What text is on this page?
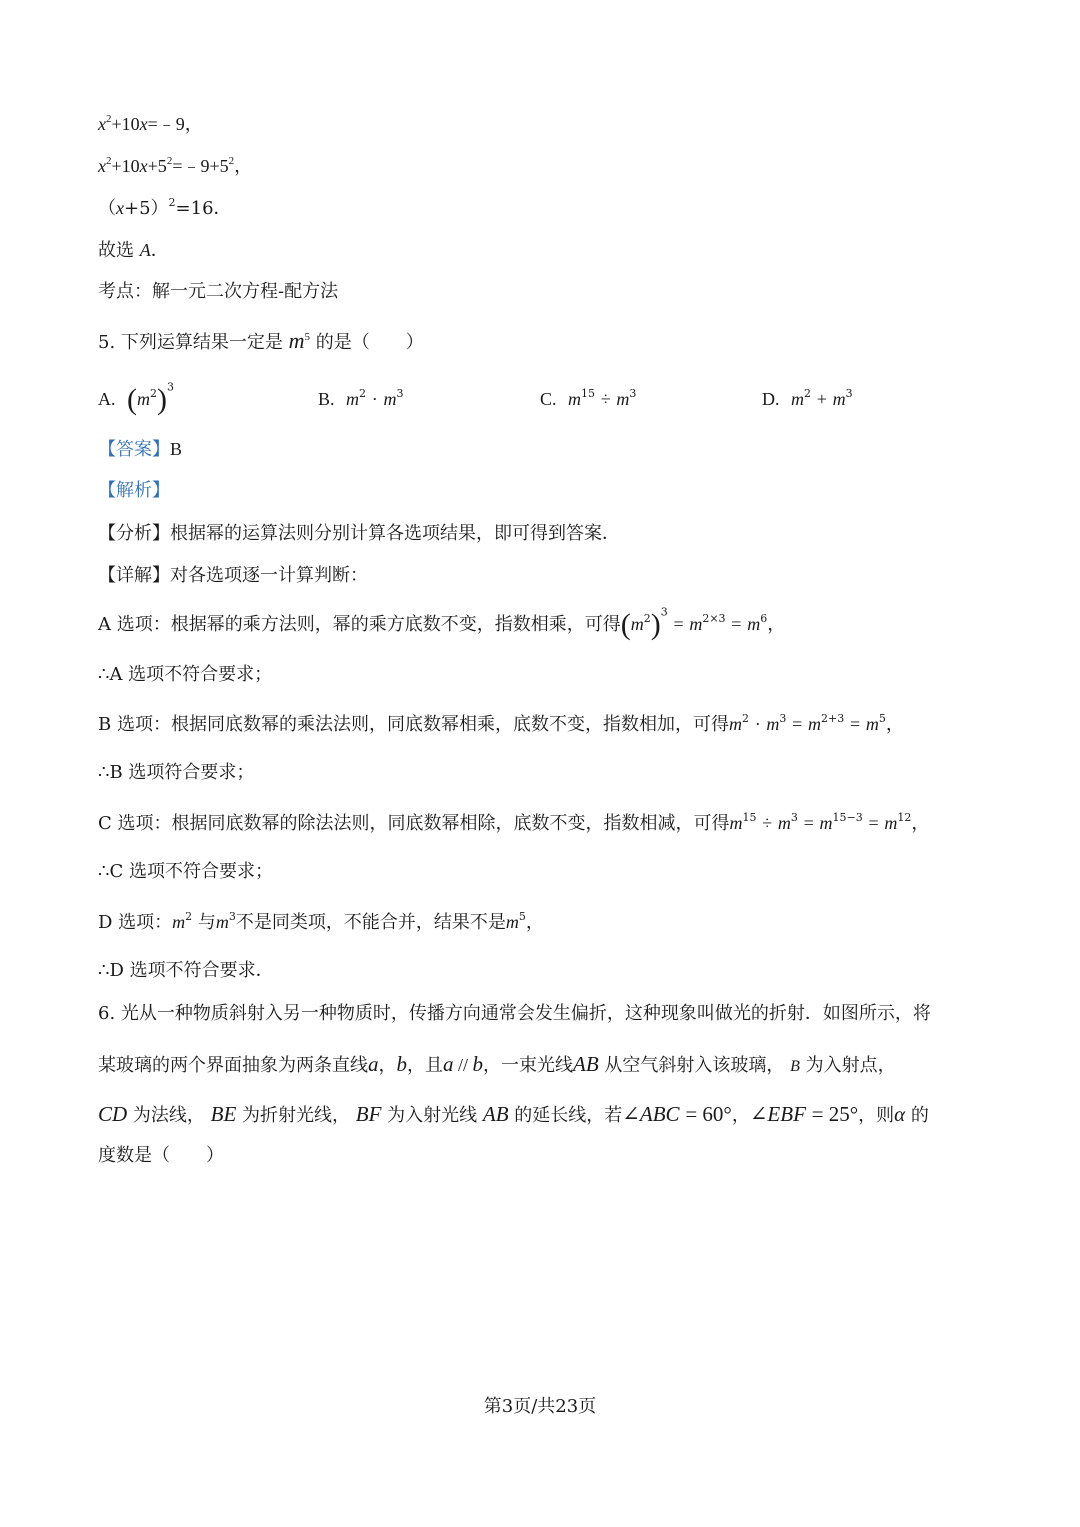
$x^2+10x=﹣9$，
$x^2+10x+5^2=﹣9+5^2$，
$(x+5)^2=16$．
故选 A．
考点：解一元二次方程-配方法
5. 下列运算结果一定是 $m^5$ 的是（　　）
A. $(m^2)^3$
B. $m^2 \cdot m^3$	C. $m^{15} \div m^3$	D. $m^2 + m^3$
【答案】B
【解析】
【分析】根据幂的运算法则分别计算各选项结果，即可得到答案．
【详解】对各选项逐一计算判断：
A 选项：根据幂的乘方法则，幂的乘方底数不变，指数相乘，可得$(m^2)^3 = m^{2\times 3} = m^6$，
∴A 选项不符合要求；
B 选项：根据同底数幂的乘法法则，同底数幂相乘，底数不变，指数相加，可得$m^2 \cdot m^3 = m^{2+3} = m^5$，
∴B 选项符合要求；
C 选项：根据同底数幂的除法法则，同底数幂相除，底数不变，指数相减，可得$m^{15} \div m^3 = m^{15-3} = m^{12}$，
∴C 选项不符合要求；
D 选项：$m^2$ 与$m^3$不是同类项，不能合并，结果不是$m^5$，
∴D 选项不符合要求．
6. 光从一种物质斜射入另一种物质时，传播方向通常会发生偏折，这种现象叫做光的折射．如图所示，将
某玻璃的两个界面抽象为两条直线a，b，且a // b，一束光线AB 从空气斜射入该玻璃， B 为入射点，
CD 为法线， BE 为折射光线， BF 为入射光线 AB 的延长线，若∠ABC = 60°，∠EBF = 25°，则α 的
度数是（　　）
第3页/共23页
